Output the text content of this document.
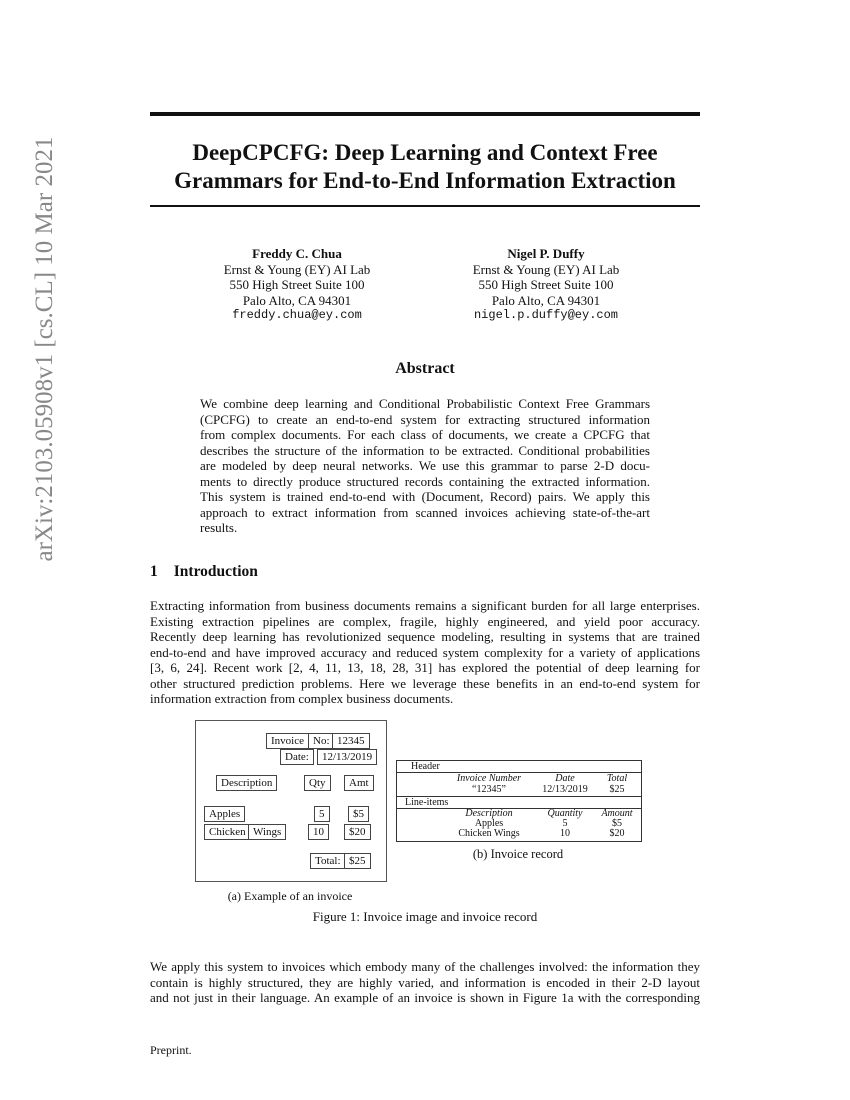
arXiv:2103.05908v1 [cs.CL] 10 Mar 2021	DeepCPCFG: Deep Learning and Context Free
Grammars for End-to-End Information Extraction
Freddy C. Chua
Ernst & Young (EY) AI Lab
550 High Street Suite 100
Palo Alto, CA 94301
freddy.chua@ey.com
Nigel P. Duffy
Ernst & Young (EY) AI Lab
550 High Street Suite 100
Palo Alto, CA 94301
nigel.p.duffy@ey.com
Abstract
We combine deep learning and Conditional Probabilistic Context Free Grammars
(CPCFG) to create an end-to-end system for extracting structured information
from complex documents. For each class of documents, we create a CPCFG that
describes the structure of the information to be extracted. Conditional probabilities
are modeled by deep neural networks. We use this grammar to parse 2-D docu-
ments to directly produce structured records containing the extracted information.
This system is trained end-to-end with (Document, Record) pairs. We apply this
approach to extract information from scanned invoices achieving state-of-the-art
results.
1 Introduction
Extracting information from business documents remains a significant burden for all large enterprises.
Existing extraction pipelines are complex, fragile, highly engineered, and yield poor accuracy.
Recently deep learning has revolutionized sequence modeling, resulting in systems that are trained
end-to-end and have improved accuracy and reduced system complexity for a variety of applications
[3, 6, 24]. Recent work [2, 4, 11, 13, 18, 28, 31] has explored the potential of deep learning for
other structured prediction problems. Here we leverage these benefits in an end-to-end system for
information extraction from complex business documents.
Invoice No: 12345
Date:	12/13/2019
Description	Qty	Amt
Apples	5	$5
Chicken Wings	10	$20
Total: $25
(a) Example of an invoice
Header
Invoice Number	Date	Total
“12345”	12/13/2019	$25
Line-items
Description	Quantity	Amount
Apples	5	$5
Chicken Wings	10	$20
(b) Invoice record
Figure 1: Invoice image and invoice record
We apply this system to invoices which embody many of the challenges involved: the information they
contain is highly structured, they are highly varied, and information is encoded in their 2-D layout
and not just in their language. An example of an invoice is shown in Figure 1a with the corresponding
Preprint.
